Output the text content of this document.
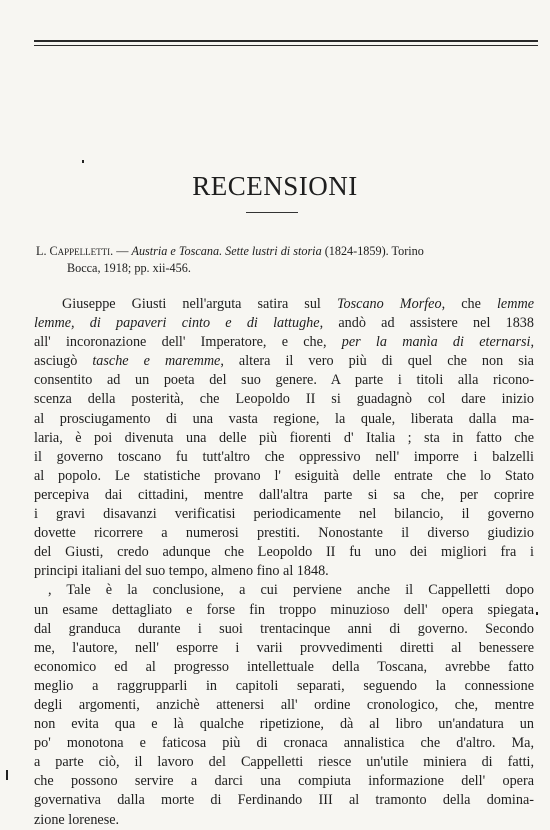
RECENSIONI
L. Cappelletti. — Austria e Toscana. Sette lustri di storia (1824-1859). Torino
Bocca, 1918; pp. xii-456.
Giuseppe Giusti nell'arguta satira sul Toscano Morfeo, che lemme
lemme, di papaveri cinto e di lattughe, andò ad assistere nel 1838
all' incoronazione dell' Imperatore, e che, per la manìa di eternarsi,
asciugò tasche e maremme, altera il vero più di quel che non sia
consentito ad un poeta del suo genere. A parte i titoli alla ricono-
scenza della posterità, che Leopoldo II si guadagnò col dare inizio
al prosciugamento di una vasta regione, la quale, liberata dalla ma-
laria, è poi divenuta una delle più fiorenti d' Italia ; sta in fatto che
il governo toscano fu tutt'altro che oppressivo nell' imporre i balzelli
al popolo. Le statistiche provano l' esiguità delle entrate che lo Stato
percepiva dai cittadini, mentre dall'altra parte si sa che, per coprire
i gravi disavanzi verificatisi periodicamente nel bilancio, il governo
dovette ricorrere a numerosi prestiti. Nonostante il diverso giudizio
del Giusti, credo adunque che Leopoldo II fu uno dei migliori fra i
principi italiani del suo tempo, almeno fino al 1848.
, Tale è la conclusione, a cui perviene anche il Cappelletti dopo
un esame dettagliato e forse fin troppo minuzioso dell' opera spiegata
dal granduca durante i suoi trentacinque anni di governo. Secondo
me, l'autore, nell' esporre i varii provvedimenti diretti al benessere
economico ed al progresso intellettuale della Toscana, avrebbe fatto
meglio a raggrupparli in capitoli separati, seguendo la connessione
degli argomenti, anzichè attenersi all' ordine cronologico, che, mentre
non evita qua e là qualche ripetizione, dà al libro un'andatura un
po' monotona e faticosa più di cronaca annalistica che d'altro. Ma,
a parte ciò, il lavoro del Cappelletti riesce un'utile miniera di fatti,
che possono servire a darci una compiuta informazione dell' opera
governativa dalla morte di Ferdinando III al tramonto della domina-
zione lorenese.
